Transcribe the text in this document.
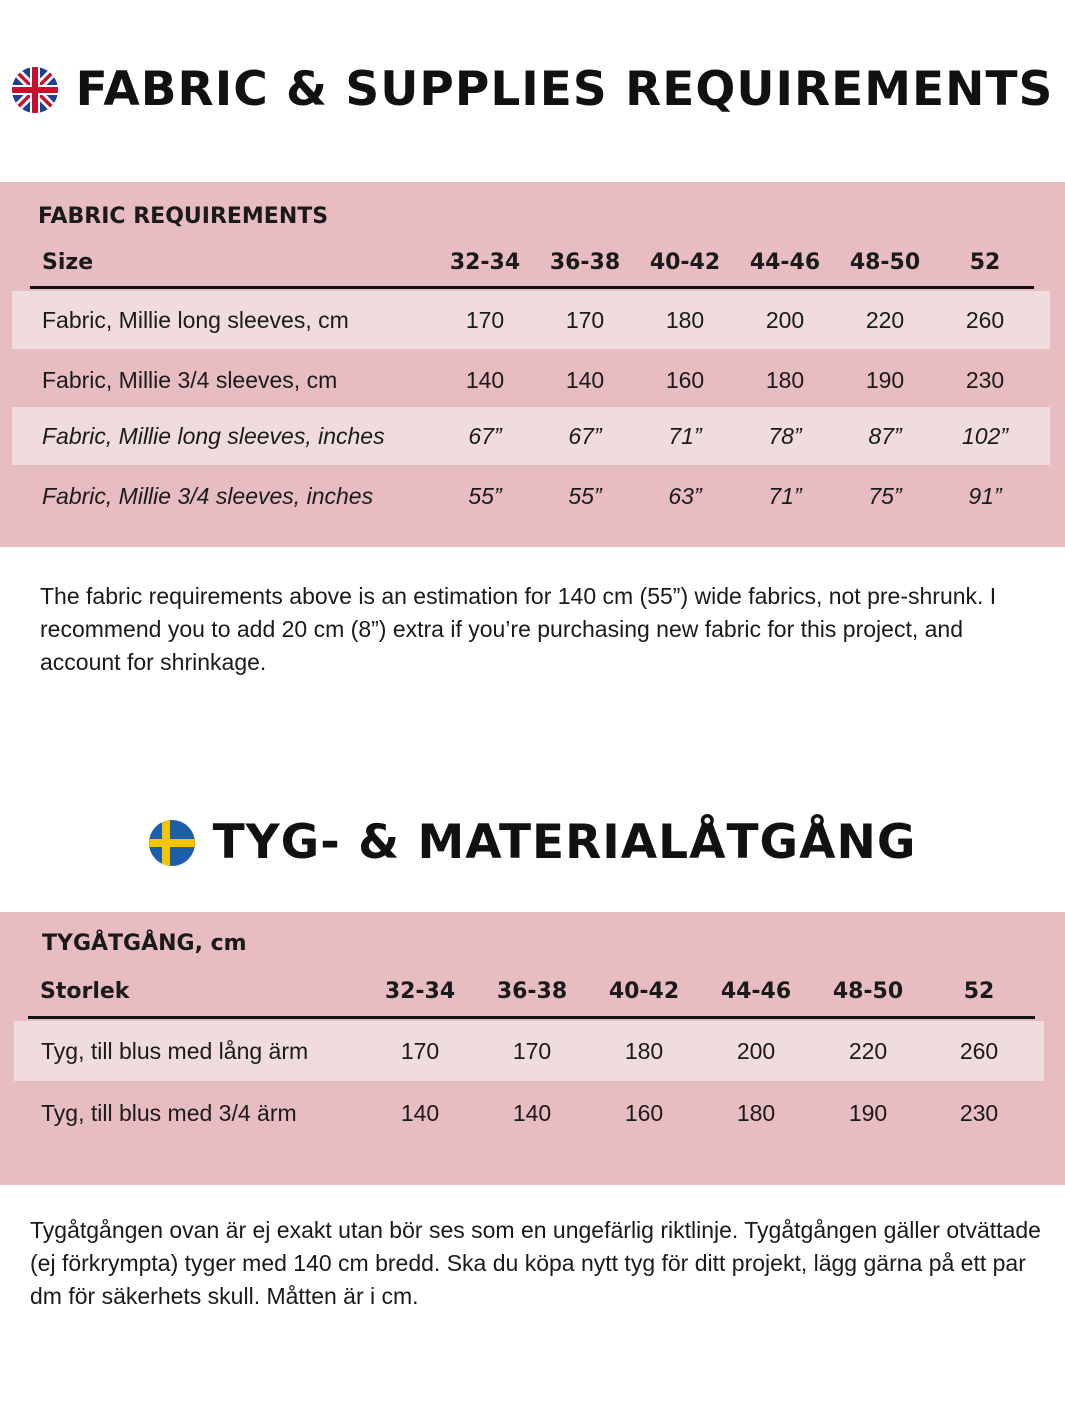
FABRIC & SUPPLIES REQUIREMENTS
FABRIC REQUIREMENTS
Size	32-34	36-38	40-42	44-46	48-50	52
Fabric, Millie long sleeves, cm	170	170	180	200	220	260
Fabric, Millie 3/4 sleeves, cm	140	140	160	180	190	230
Fabric, Millie long sleeves, inches	67”	67”	71”	78”	87”	102”
Fabric, Millie 3/4 sleeves, inches	55”	55”	63”	71”	75”	91”
The fabric requirements above is an estimation for 140 cm (55”) wide fabrics, not pre-shrunk. I recommend you to add 20 cm (8”) extra if you’re purchasing new fabric for this project, and account for shrinkage.
TYG- & MATERIALÅTGÅNG
TYGÅTGÅNG, cm
Storlek	32-34	36-38	40-42	44-46	48-50	52
Tyg, till blus med lång ärm	170	170	180	200	220	260
Tyg, till blus med 3/4 ärm	140	140	160	180	190	230
Tygåtgången ovan är ej exakt utan bör ses som en ungefärlig riktlinje. Tygåtgången gäller otvättade (ej förkrympta) tyger med 140 cm bredd. Ska du köpa nytt tyg för ditt projekt, lägg gärna på ett par dm för säkerhets skull. Måtten är i cm.
